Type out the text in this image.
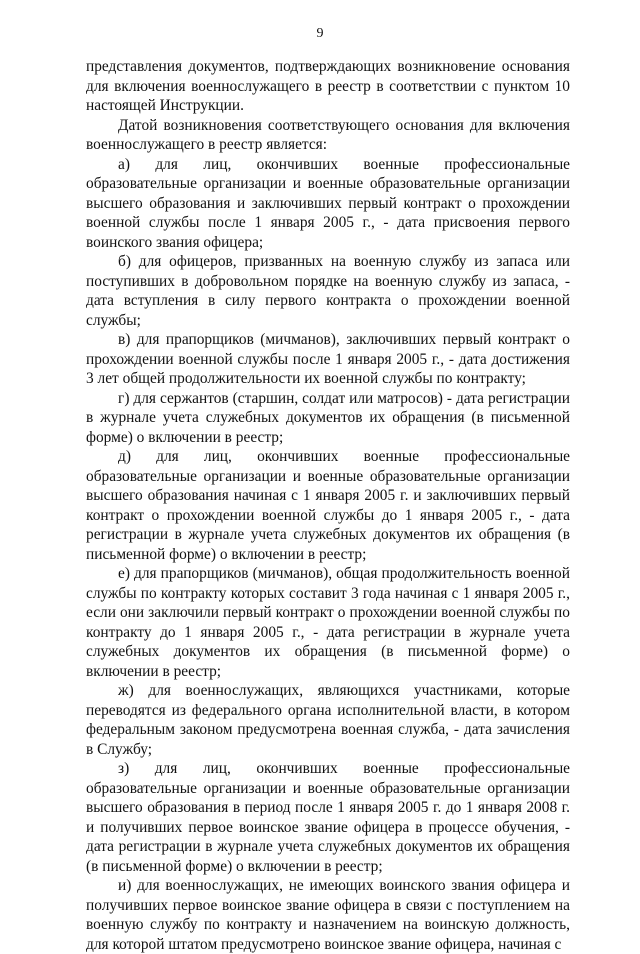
9

представления документов, подтверждающих возникновение основания для включения военнослужащего в реестр в соответствии с пунктом 10 настоящей Инструкции.

Датой возникновения соответствующего основания для включения военнослужащего в реестр является:

а) для лиц, окончивших военные профессиональные образовательные организации и военные образовательные организации высшего образования и заключивших первый контракт о прохождении военной службы после 1 января 2005 г., - дата присвоения первого воинского звания офицера;

б) для офицеров, призванных на военную службу из запаса или поступивших в добровольном порядке на военную службу из запаса, - дата вступления в силу первого контракта о прохождении военной службы;

в) для прапорщиков (мичманов), заключивших первый контракт о прохождении военной службы после 1 января 2005 г., - дата достижения 3 лет общей продолжительности их военной службы по контракту;

г) для сержантов (старшин, солдат или матросов) - дата регистрации в журнале учета служебных документов их обращения (в письменной форме) о включении в реестр;

д) для лиц, окончивших военные профессиональные образовательные организации и военные образовательные организации высшего образования начиная с 1 января 2005 г. и заключивших первый контракт о прохождении военной службы до 1 января 2005 г., - дата регистрации в журнале учета служебных документов их обращения (в письменной форме) о включении в реестр;

е) для прапорщиков (мичманов), общая продолжительность военной службы по контракту которых составит 3 года начиная с 1 января 2005 г., если они заключили первый контракт о прохождении военной службы по контракту до 1 января 2005 г., - дата регистрации в журнале учета служебных документов их обращения (в письменной форме) о включении в реестр;

ж) для военнослужащих, являющихся участниками, которые переводятся из федерального органа исполнительной власти, в котором федеральным законом предусмотрена военная служба, - дата зачисления в Службу;

з) для лиц, окончивших военные профессиональные образовательные организации и военные образовательные организации высшего образования в период после 1 января 2005 г. до 1 января 2008 г. и получивших первое воинское звание офицера в процессе обучения, - дата регистрации в журнале учета служебных документов их обращения (в письменной форме) о включении в реестр;

и) для военнослужащих, не имеющих воинского звания офицера и получивших первое воинское звание офицера в связи с поступлением на военную службу по контракту и назначением на воинскую должность, для которой штатом предусмотрено воинское звание офицера, начиная с
